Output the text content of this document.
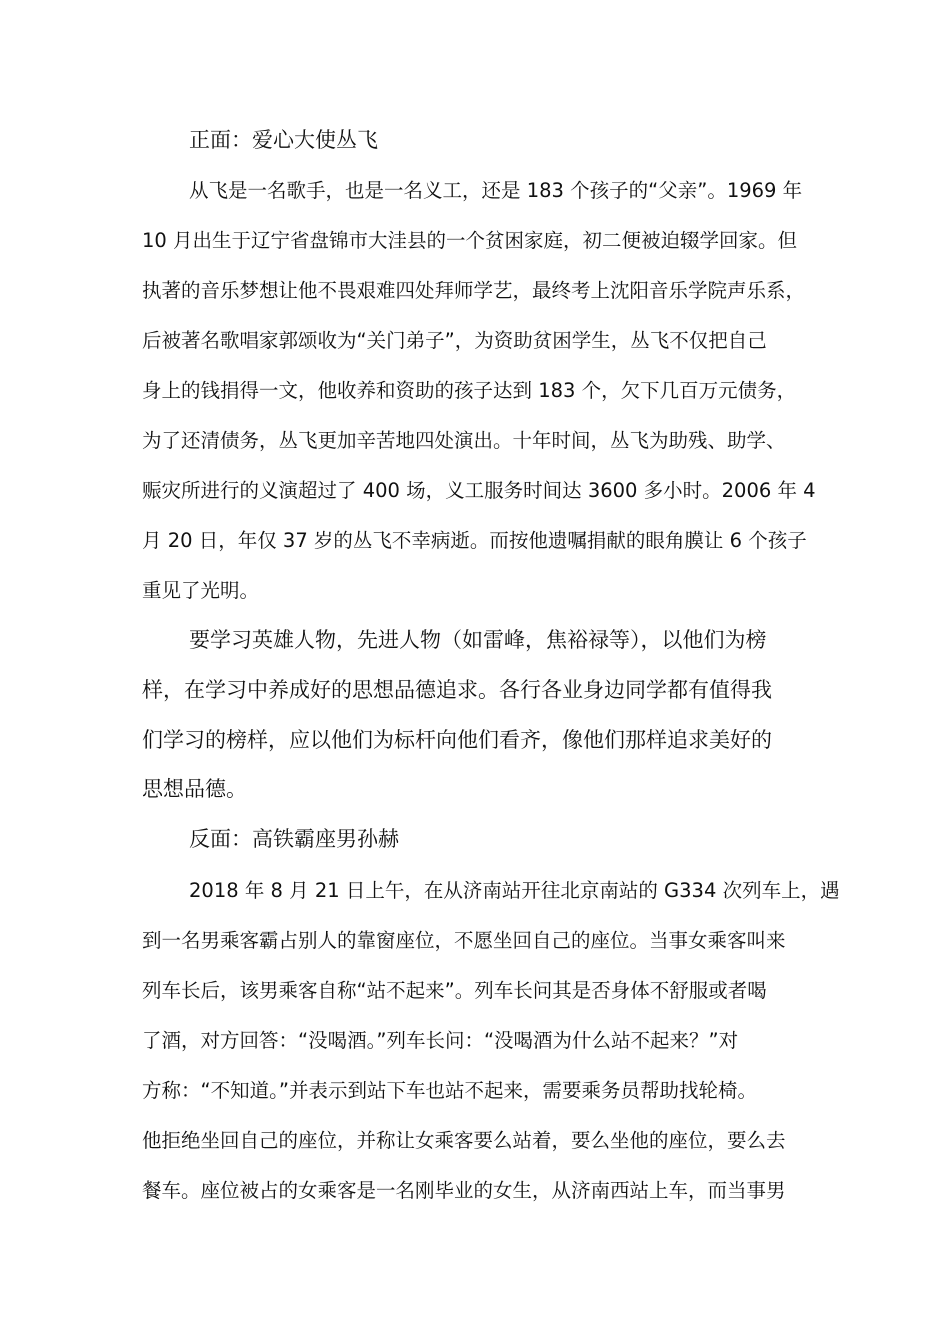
正面：爱心大使丛飞
从飞是一名歌手，也是一名义工，还是 183 个孩子的“父亲”。1969 年
10 月出生于辽宁省盘锦市大洼县的一个贫困家庭，初二便被迫辍学回家。但
执著的音乐梦想让他不畏艰难四处拜师学艺，最终考上沈阳音乐学院声乐系，
后被著名歌唱家郭颂收为“关门弟子”，为资助贫困学生，丛飞不仅把自己
身上的钱捐得一文，他收养和资助的孩子达到 183 个，欠下几百万元债务，
为了还清债务，丛飞更加辛苦地四处演出。十年时间，丛飞为助残、助学、
赈灾所进行的义演超过了 400 场，义工服务时间达 3600 多小时。2006 年 4
月 20 日，年仅 37 岁的丛飞不幸病逝。而按他遗嘱捐献的眼角膜让 6 个孩子
重见了光明。
要学习英雄人物，先进人物（如雷峰，焦裕禄等），以他们为榜
样，在学习中养成好的思想品德追求。各行各业身边同学都有值得我
们学习的榜样，应以他们为标杆向他们看齐，像他们那样追求美好的
思想品德。
反面：高铁霸座男孙赫
2018 年 8 月 21 日上午，在从济南站开往北京南站的 G334 次列车上，遇
到一名男乘客霸占别人的靠窗座位，不愿坐回自己的座位。当事女乘客叫来
列车长后，该男乘客自称“站不起来”。列车长问其是否身体不舒服或者喝
了酒，对方回答：“没喝酒。”列车长问：“没喝酒为什么站不起来？”对
方称：“不知道。”并表示到站下车也站不起来，需要乘务员帮助找轮椅。
他拒绝坐回自己的座位，并称让女乘客要么站着，要么坐他的座位，要么去
餐车。座位被占的女乘客是一名刚毕业的女生，从济南西站上车，而当事男
